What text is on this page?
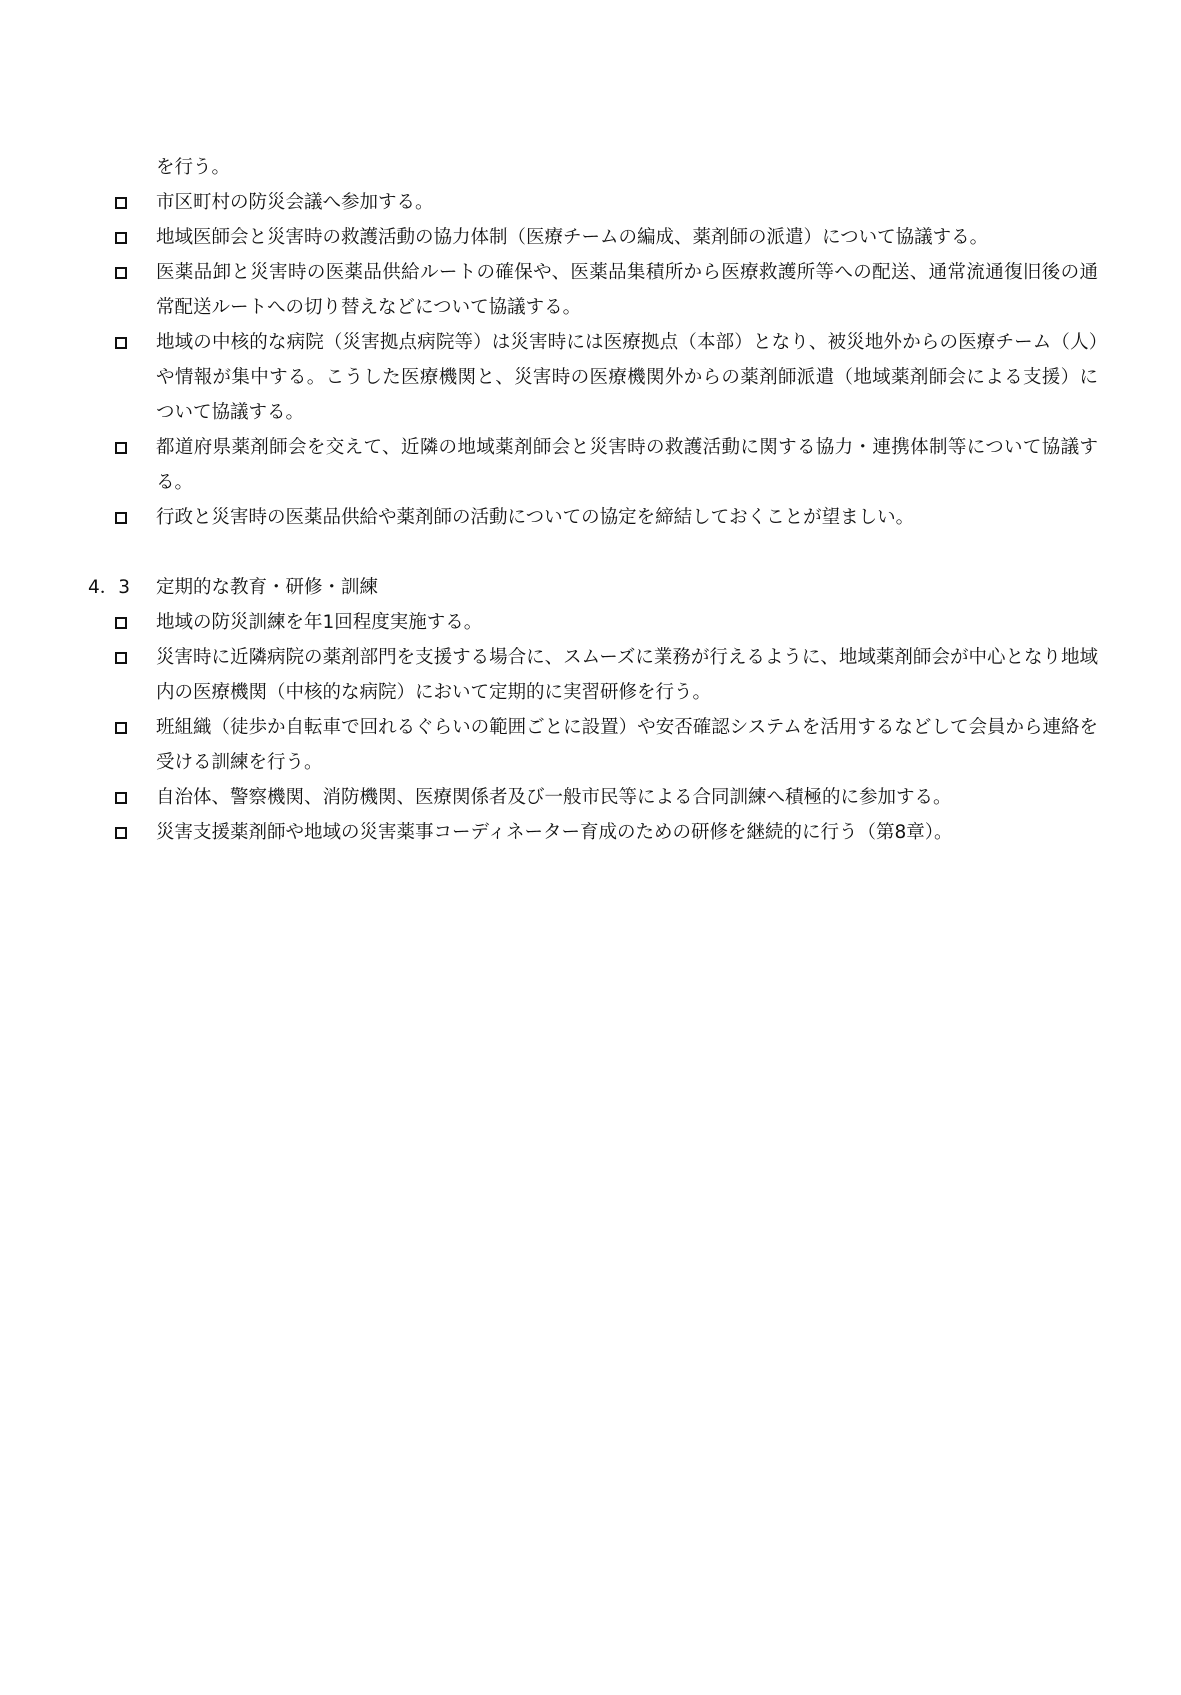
を行う。
市区町村の防災会議へ参加する。
地域医師会と災害時の救護活動の協力体制（医療チームの編成、薬剤師の派遣）について協議する。
医薬品卸と災害時の医薬品供給ルートの確保や、医薬品集積所から医療救護所等への配送、通常流通復旧後の通常配送ルートへの切り替えなどについて協議する。
地域の中核的な病院（災害拠点病院等）は災害時には医療拠点（本部）となり、被災地外からの医療チーム（人）や情報が集中する。こうした医療機関と、災害時の医療機関外からの薬剤師派遣（地域薬剤師会による支援）について協議する。
都道府県薬剤師会を交えて、近隣の地域薬剤師会と災害時の救護活動に関する協力・連携体制等について協議する。
行政と災害時の医薬品供給や薬剤師の活動についての協定を締結しておくことが望ましい。
4．3	定期的な教育・研修・訓練
地域の防災訓練を年1回程度実施する。
災害時に近隣病院の薬剤部門を支援する場合に、スムーズに業務が行えるように、地域薬剤師会が中心となり地域内の医療機関（中核的な病院）において定期的に実習研修を行う。
班組織（徒歩か自転車で回れるぐらいの範囲ごとに設置）や安否確認システムを活用するなどして会員から連絡を受ける訓練を行う。
自治体、警察機関、消防機関、医療関係者及び一般市民等による合同訓練へ積極的に参加する。
災害支援薬剤師や地域の災害薬事コーディネーター育成のための研修を継続的に行う（第8章）。
